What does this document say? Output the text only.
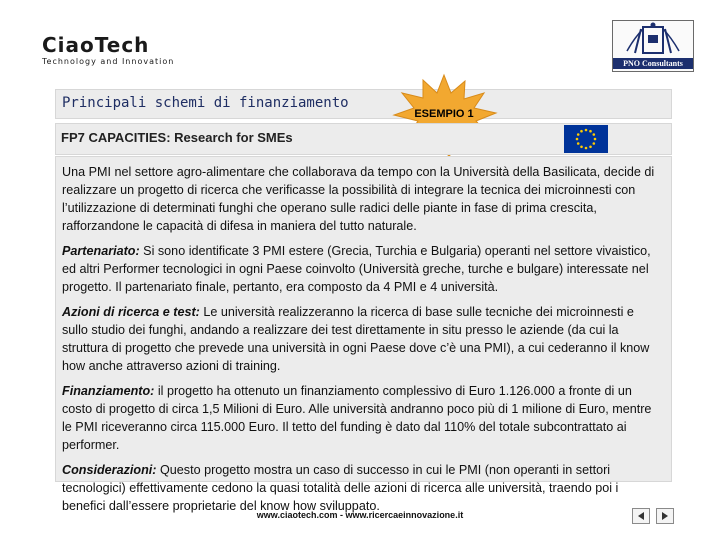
CiaoTech
Technology and Innovation	PNO Consultants
Principali schemi di finanziamento
ESEMPIO 1
FP7 CAPACITIES: Research for SMEs

Una PMI nel settore agro-alimentare che collaborava da tempo con la Università della Basilicata, decide di realizzare un progetto di ricerca che verificasse la possibilità di integrare la tecnica dei microinnesti con l’utilizzazione di determinati funghi che operano sulle radici delle piante in fase di prima crescita, rafforzandone le capacità di difesa in maniera del tutto naturale.

Partenariato: Si sono identificate 3 PMI estere (Grecia, Turchia e Bulgaria) operanti nel settore vivaistico, ed altri Performer tecnologici in ogni Paese coinvolto (Università greche, turche e bulgare) interessate nel progetto. Il partenariato finale, pertanto, era composto da 4 PMI e 4 università.

Azioni di ricerca e test: Le università realizzeranno la ricerca di base sulle tecniche dei microinnesti e sullo studio dei funghi, andando a realizzare dei test direttamente in situ presso le aziende (da cui la struttura di progetto che prevede una università in ogni Paese dove c’è una PMI), a cui cederanno il know how anche attraverso azioni di training.

Finanziamento: il progetto ha ottenuto un finanziamento complessivo di Euro 1.126.000 a fronte di un costo di progetto di circa 1,5 Milioni di Euro. Alle università andranno poco più di 1 milione di Euro, mentre le PMI riceveranno circa 115.000 Euro. Il tetto del funding è dato dal 110% del totale subcontrattato ai performer.

Considerazioni: Questo progetto mostra un caso di successo in cui le PMI (non operanti in settori tecnologici) effettivamente cedono la quasi totalità delle azioni di ricerca alle università, traendo poi i benefici dall’essere proprietarie del know how sviluppato.

www.ciaotech.com - www.ricercaeinnovazione.it
